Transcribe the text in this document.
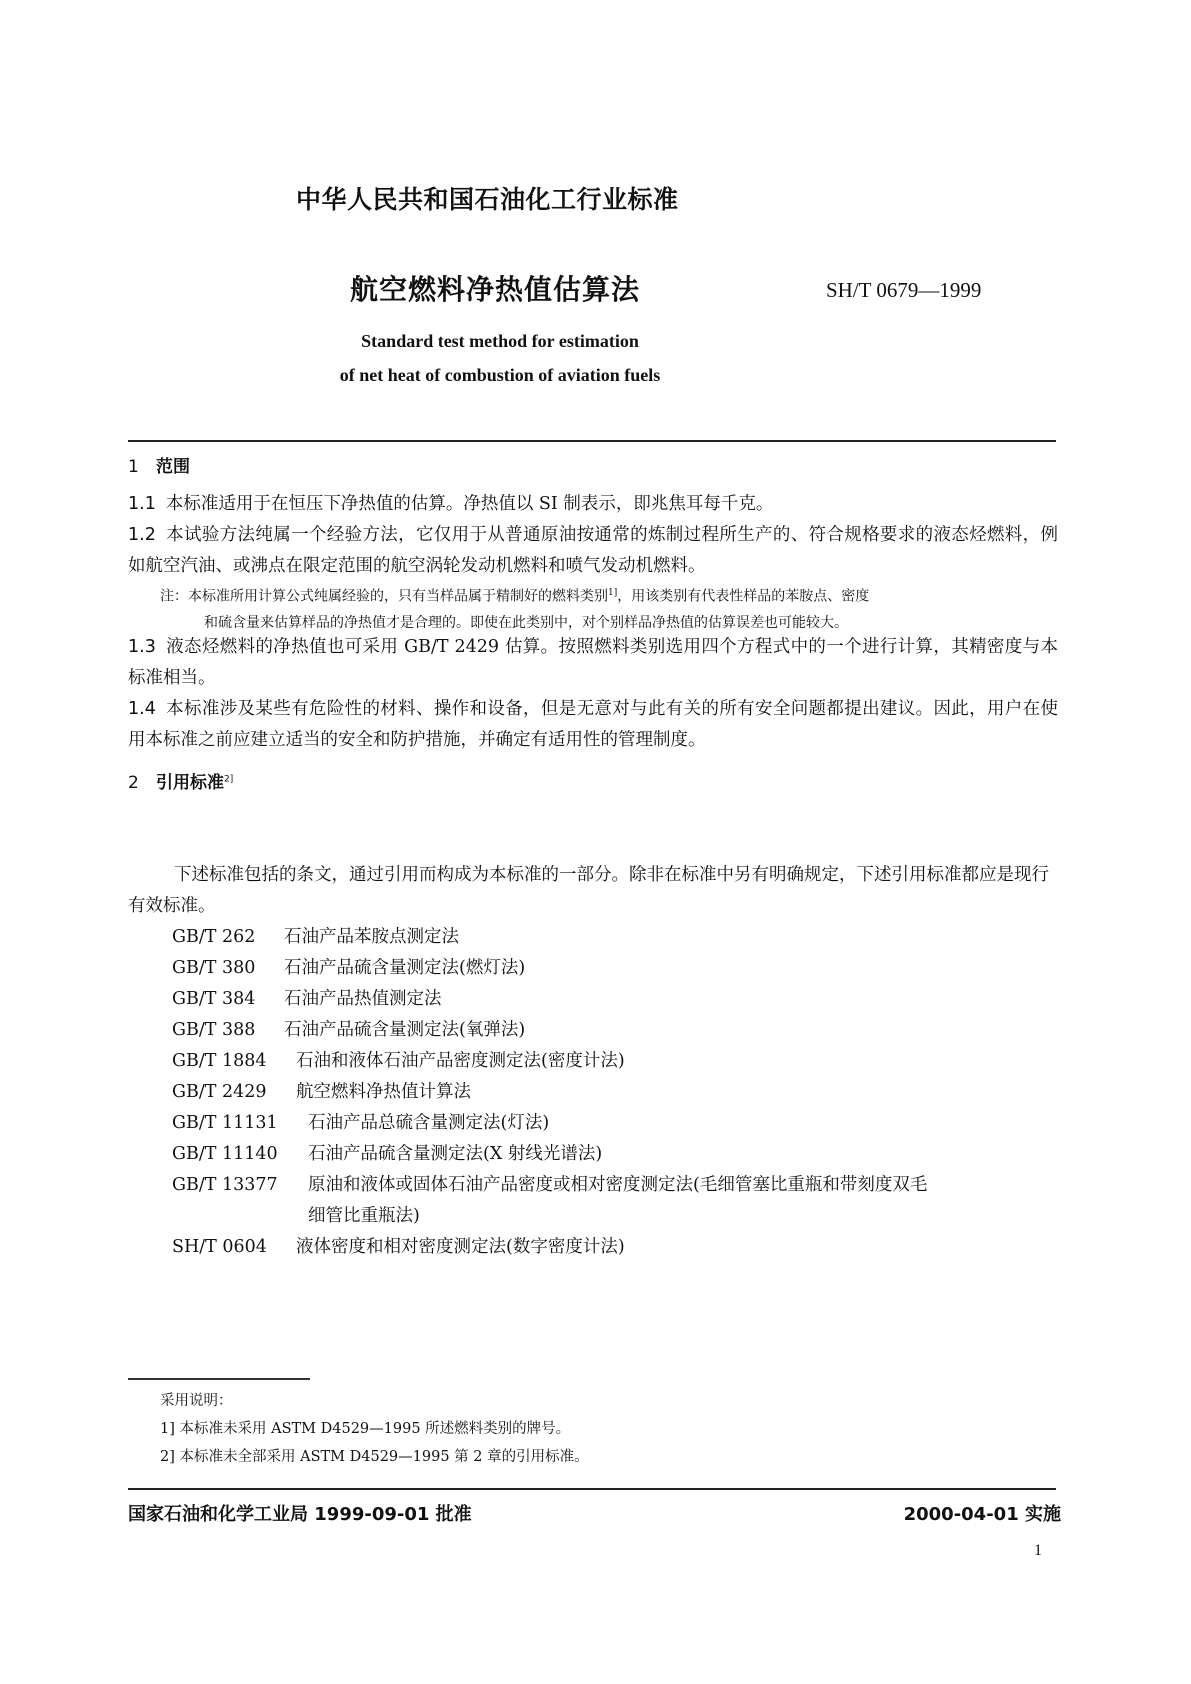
中华人民共和国石油化工行业标准
航空燃料净热值估算法	SH/T 0679—1999
Standard test method for estimation
of net heat of combustion of aviation fuels
1 范围
1.1 本标准适用于在恒压下净热值的估算。净热值以 SI 制表示，即兆焦耳每千克。
1.2 本试验方法纯属一个经验方法，它仅用于从普通原油按通常的炼制过程所生产的、符合规格要求的液态烃燃料，例如航空汽油、或沸点在限定范围的航空涡轮发动机燃料和喷气发动机燃料。
注：本标准所用计算公式纯属经验的，只有当样品属于精制好的燃料类别$^{1]}$，用该类别有代表性样品的苯胺点、密度
和硫含量来估算样品的净热值才是合理的。即使在此类别中，对个别样品净热值的估算误差也可能较大。
1.3 液态烃燃料的净热值也可采用 GB/T 2429 估算。按照燃料类别选用四个方程式中的一个进行计算，其精密度与本标准相当。
1.4 本标准涉及某些有危险性的材料、操作和设备，但是无意对与此有关的所有安全问题都提出建议。因此，用户在使用本标准之前应建立适当的安全和防护措施，并确定有适用性的管理制度。
2 引用标准$^{2]}$
下述标准包括的条文，通过引用而构成为本标准的一部分。除非在标准中另有明确规定，下述引用标准都应是现行有效标准。
GB/T 262 石油产品苯胺点测定法
GB/T 380 石油产品硫含量测定法(燃灯法)
GB/T 384 石油产品热值测定法
GB/T 388 石油产品硫含量测定法(氧弹法)
GB/T 1884 石油和液体石油产品密度测定法(密度计法)
GB/T 2429 航空燃料净热值计算法
GB/T 11131 石油产品总硫含量测定法(灯法)
GB/T 11140 石油产品硫含量测定法(X 射线光谱法)
GB/T 13377 原油和液体或固体石油产品密度或相对密度测定法(毛细管塞比重瓶和带刻度双毛
细管比重瓶法)
SH/T 0604 液体密度和相对密度测定法(数字密度计法)
采用说明：
1] 本标准未采用 ASTM D4529—1995 所述燃料类别的牌号。
2] 本标准未全部采用 ASTM D4529—1995 第 2 章的引用标准。
国家石油和化学工业局 1999-09-01 批准	2000-04-01 实施
1
